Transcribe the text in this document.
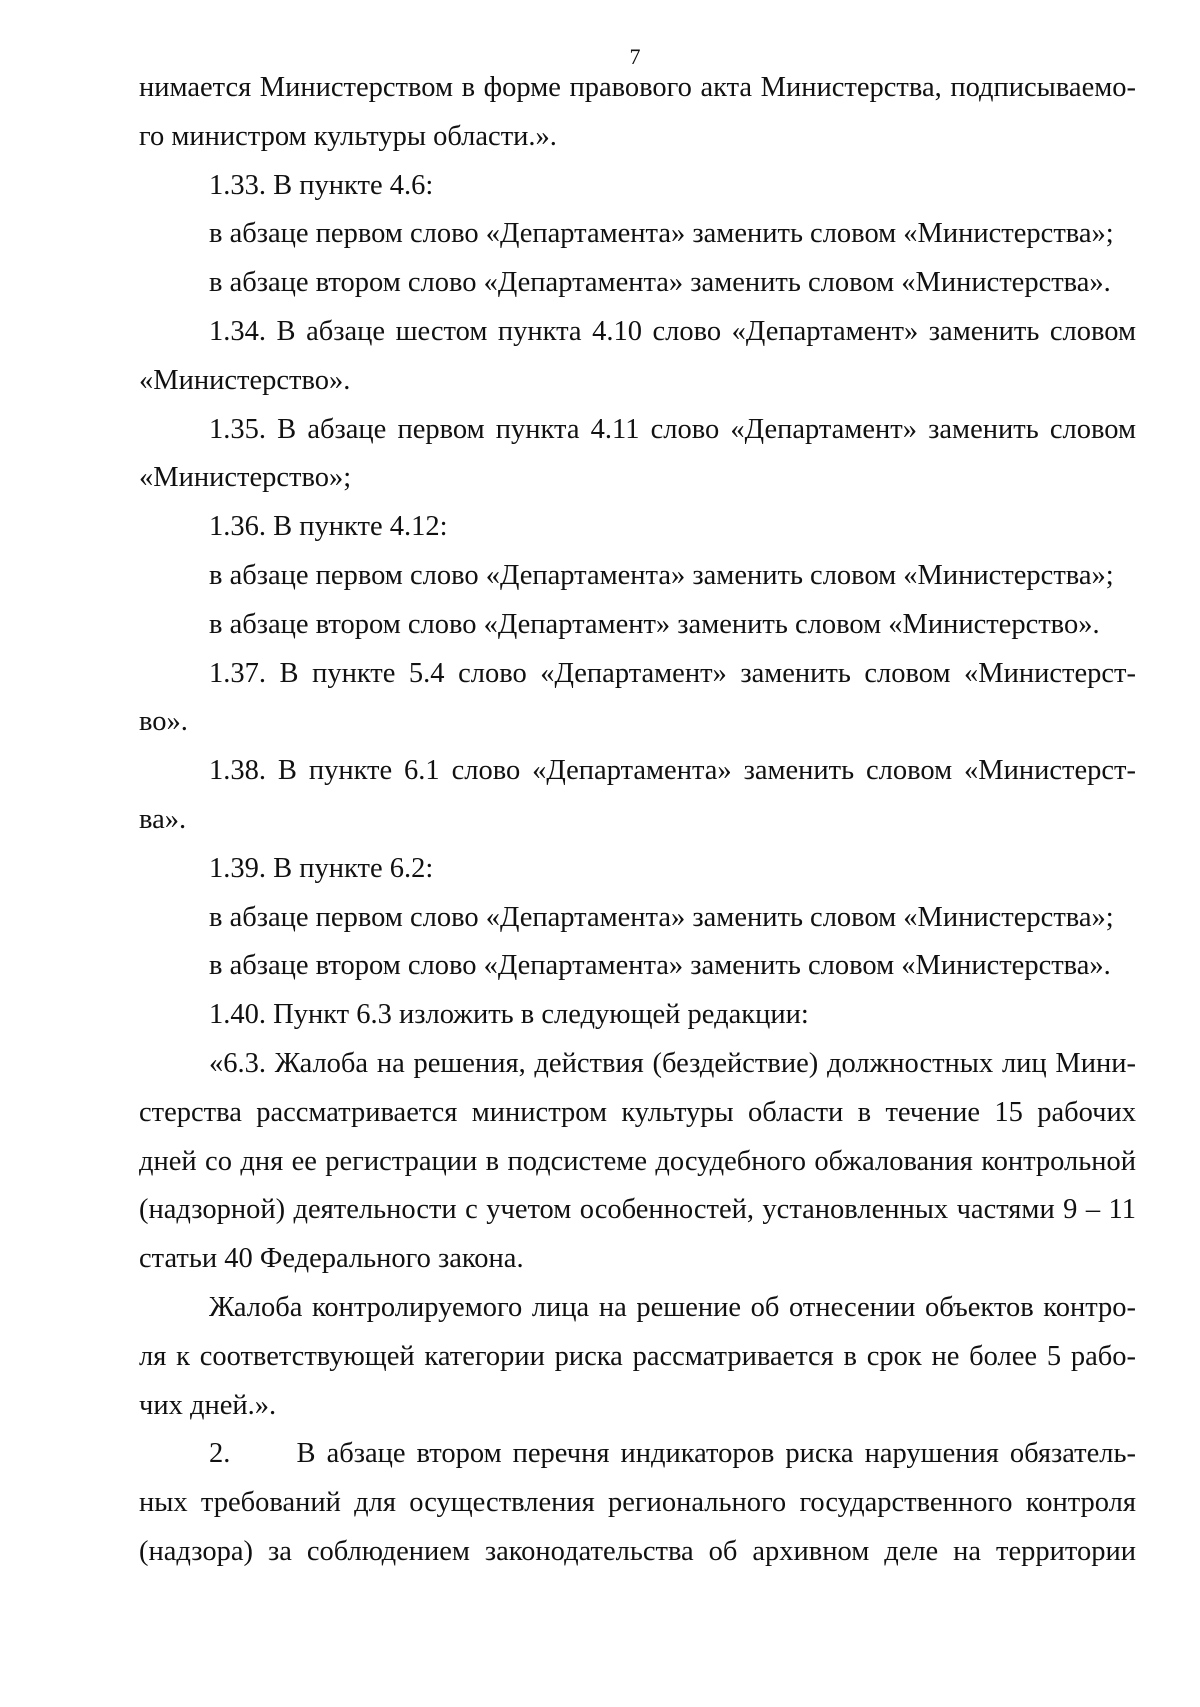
7
нимается Министерством в форме правового акта Министерства, подписываемо-
го министром культуры области.».
1.33. В пункте 4.6:
в абзаце первом слово «Департамента» заменить словом «Министерства»;
в абзаце втором слово «Департамента» заменить словом «Министерства».
1.34. В абзаце шестом пункта 4.10 слово «Департамент» заменить словом
«Министерство».
1.35. В абзаце первом пункта 4.11 слово «Департамент» заменить словом
«Министерство»;
1.36. В пункте 4.12:
в абзаце первом слово «Департамента» заменить словом «Министерства»;
в абзаце втором слово «Департамент» заменить словом «Министерство».
1.37. В пункте 5.4 слово «Департамент» заменить словом «Министерст-
во».
1.38. В пункте 6.1 слово «Департамента» заменить словом «Министерст-
ва».
1.39. В пункте 6.2:
в абзаце первом слово «Департамента» заменить словом «Министерства»;
в абзаце втором слово «Департамента» заменить словом «Министерства».
1.40. Пункт 6.3 изложить в следующей редакции:
«6.3. Жалоба на решения, действия (бездействие) должностных лиц Мини-
стерства рассматривается министром культуры области в течение 15 рабочих
дней со дня ее регистрации в подсистеме досудебного обжалования контрольной
(надзорной) деятельности с учетом особенностей, установленных частями 9 – 11
статьи 40 Федерального закона.
Жалоба контролируемого лица на решение об отнесении объектов контро-
ля к соответствующей категории риска рассматривается в срок не более 5 рабо-
чих дней.».
2.      В абзаце втором перечня индикаторов риска нарушения обязатель-
ных требований для осуществления регионального государственного контроля
(надзора) за соблюдением законодательства об архивном деле на территории
